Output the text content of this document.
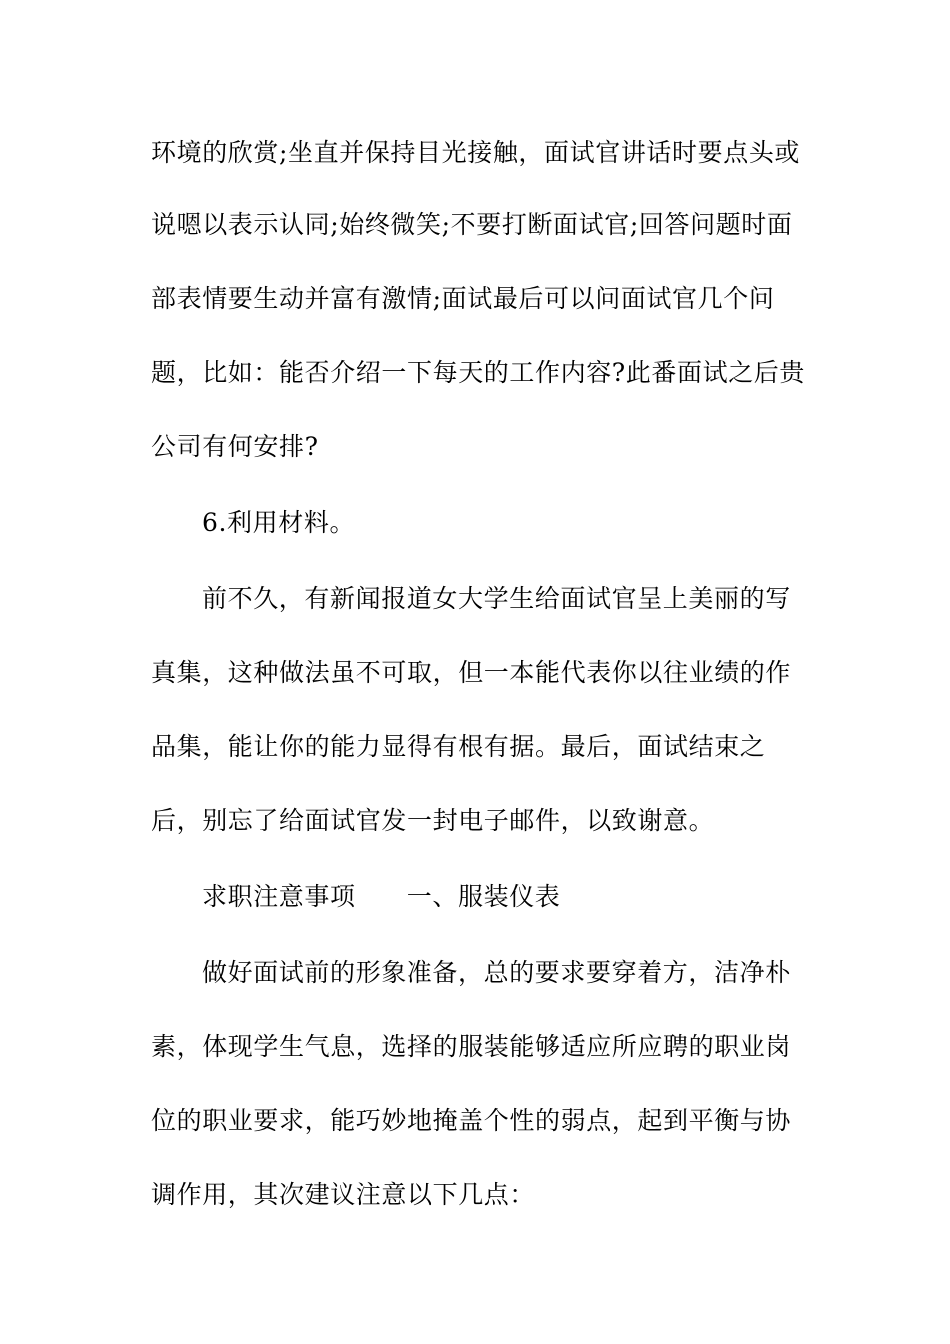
环境的欣赏;坐直并保持目光接触，面试官讲话时要点头或
说嗯以表示认同;始终微笑;不要打断面试官;回答问题时面
部表情要生动并富有激情;面试最后可以问面试官几个问
题，比如：能否介绍一下每天的工作内容?此番面试之后贵
公司有何安排?
6.利用材料。
前不久，有新闻报道女大学生给面试官呈上美丽的写
真集，这种做法虽不可取，但一本能代表你以往业绩的作
品集，能让你的能力显得有根有据。最后，面试结束之
后，别忘了给面试官发一封电子邮件，以致谢意。
求职注意事项　　一、服装仪表
做好面试前的形象准备，总的要求要穿着方，洁净朴
素，体现学生气息，选择的服装能够适应所应聘的职业岗
位的职业要求，能巧妙地掩盖个性的弱点，起到平衡与协
调作用，其次建议注意以下几点：
